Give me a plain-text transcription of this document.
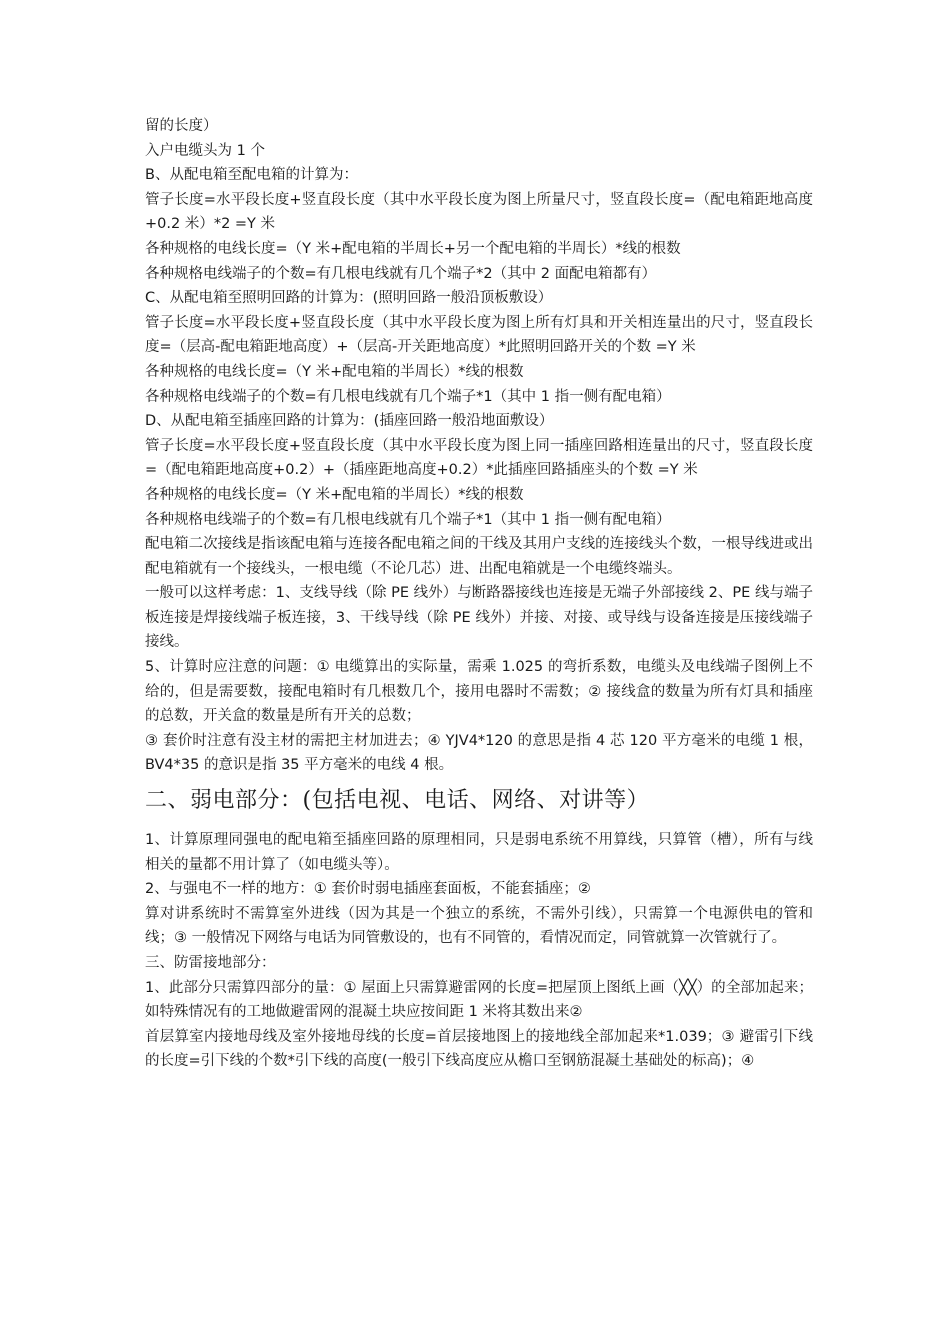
留的长度）

入户电缆头为 1 个

B、从配电箱至配电箱的计算为：

管子长度=水平段长度+竖直段长度（其中水平段长度为图上所量尺寸，竖直段长度=（配电箱距地高度+0.2 米）*2 =Y 米

各种规格的电线长度=（Y 米+配电箱的半周长+另一个配电箱的半周长）*线的根数

各种规格电线端子的个数=有几根电线就有几个端子*2（其中 2 面配电箱都有）

C、从配电箱至照明回路的计算为：(照明回路一般沿顶板敷设）

管子长度=水平段长度+竖直段长度（其中水平段长度为图上所有灯具和开关相连量出的尺寸，竖直段长度=（层高-配电箱距地高度）+（层高-开关距地高度）*此照明回路开关的个数 =Y 米

各种规格的电线长度=（Y 米+配电箱的半周长）*线的根数

各种规格电线端子的个数=有几根电线就有几个端子*1（其中 1 指一侧有配电箱）

D、从配电箱至插座回路的计算为：(插座回路一般沿地面敷设）

管子长度=水平段长度+竖直段长度（其中水平段长度为图上同一插座回路相连量出的尺寸，竖直段长度=（配电箱距地高度+0.2）+（插座距地高度+0.2）*此插座回路插座头的个数 =Y 米

各种规格的电线长度=（Y 米+配电箱的半周长）*线的根数

各种规格电线端子的个数=有几根电线就有几个端子*1（其中 1 指一侧有配电箱）

配电箱二次接线是指该配电箱与连接各配电箱之间的干线及其用户支线的连接线头个数，一根导线进或出配电箱就有一个接线头，一根电缆（不论几芯）进、出配电箱就是一个电缆终端头。

一般可以这样考虑：1、支线导线（除 PE 线外）与断路器接线也连接是无端子外部接线 2、PE 线与端子板连接是焊接线端子板连接，3、干线导线（除 PE 线外）并接、对接、或导线与设备连接是压接线端子接线。

5、计算时应注意的问题：① 电缆算出的实际量，需乘 1.025 的弯折系数，电缆头及电线端子图例上不给的，但是需要数，接配电箱时有几根数几个，接用电器时不需数；② 接线盒的数量为所有灯具和插座的总数，开关盒的数量是所有开关的总数；

③ 套价时注意有没主材的需把主材加进去；④ YJV4*120 的意思是指 4 芯 120 平方毫米的电缆 1 根，BV4*35 的意识是指 35 平方毫米的电线 4 根。

二、弱电部分：(包括电视、电话、网络、对讲等）

1、计算原理同强电的配电箱至插座回路的原理相同，只是弱电系统不用算线，只算管（槽），所有与线相关的量都不用计算了（如电缆头等）。

2、与强电不一样的地方：① 套价时弱电插座套面板，不能套插座；②

算对讲系统时不需算室外进线（因为其是一个独立的系统，不需外引线），只需算一个电源供电的管和线；③ 一般情况下网络与电话为同管敷设的，也有不同管的，看情况而定，同管就算一次管就行了。

三、防雷接地部分：

1、此部分只需算四部分的量：① 屋面上只需算避雷网的长度=把屋顶上图纸上画（╳╳）的全部加起来；如特殊情况有的工地做避雷网的混凝土块应按间距 1 米将其数出来②

首层算室内接地母线及室外接地母线的长度=首层接地图上的接地线全部加起来*1.039；③ 避雷引下线的长度=引下线的个数*引下线的高度(一般引下线高度应从檐口至钢筋混凝土基础处的标高)；④
